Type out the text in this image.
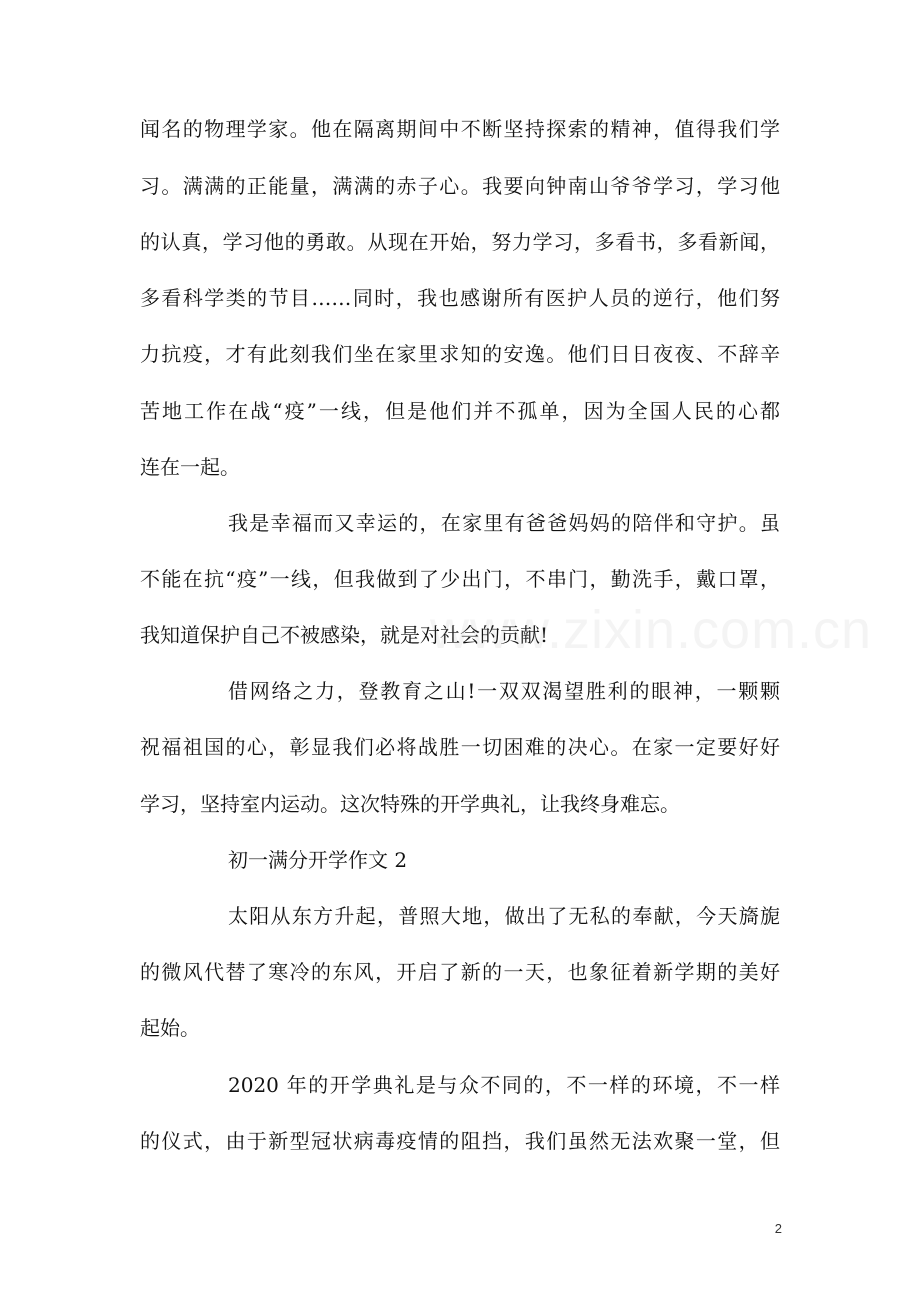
闻名的物理学家。他在隔离期间中不断坚持探索的精神，值得我们学
习。满满的正能量，满满的赤子心。我要向钟南山爷爷学习，学习他
的认真，学习他的勇敢。从现在开始，努力学习，多看书，多看新闻，
多看科学类的节目……同时，我也感谢所有医护人员的逆行，他们努
力抗疫，才有此刻我们坐在家里求知的安逸。他们日日夜夜、不辞辛
苦地工作在战“疫”一线，但是他们并不孤单，因为全国人民的心都
连在一起。
我是幸福而又幸运的，在家里有爸爸妈妈的陪伴和守护。虽
不能在抗“疫”一线，但我做到了少出门，不串门，勤洗手，戴口罩，
我知道保护自己不被感染，就是对社会的贡献!
借网络之力，登教育之山!一双双渴望胜利的眼神，一颗颗
祝福祖国的心，彰显我们必将战胜一切困难的决心。在家一定要好好
学习，坚持室内运动。这次特殊的开学典礼，让我终身难忘。
初一满分开学作文 2
太阳从东方升起，普照大地，做出了无私的奉献，今天旖旎
的微风代替了寒冷的东风，开启了新的一天，也象征着新学期的美好
起始。
2020 年的开学典礼是与众不同的，不一样的环境，不一样
的仪式，由于新型冠状病毒疫情的阻挡，我们虽然无法欢聚一堂，但
www.zixin.com.cn
2
